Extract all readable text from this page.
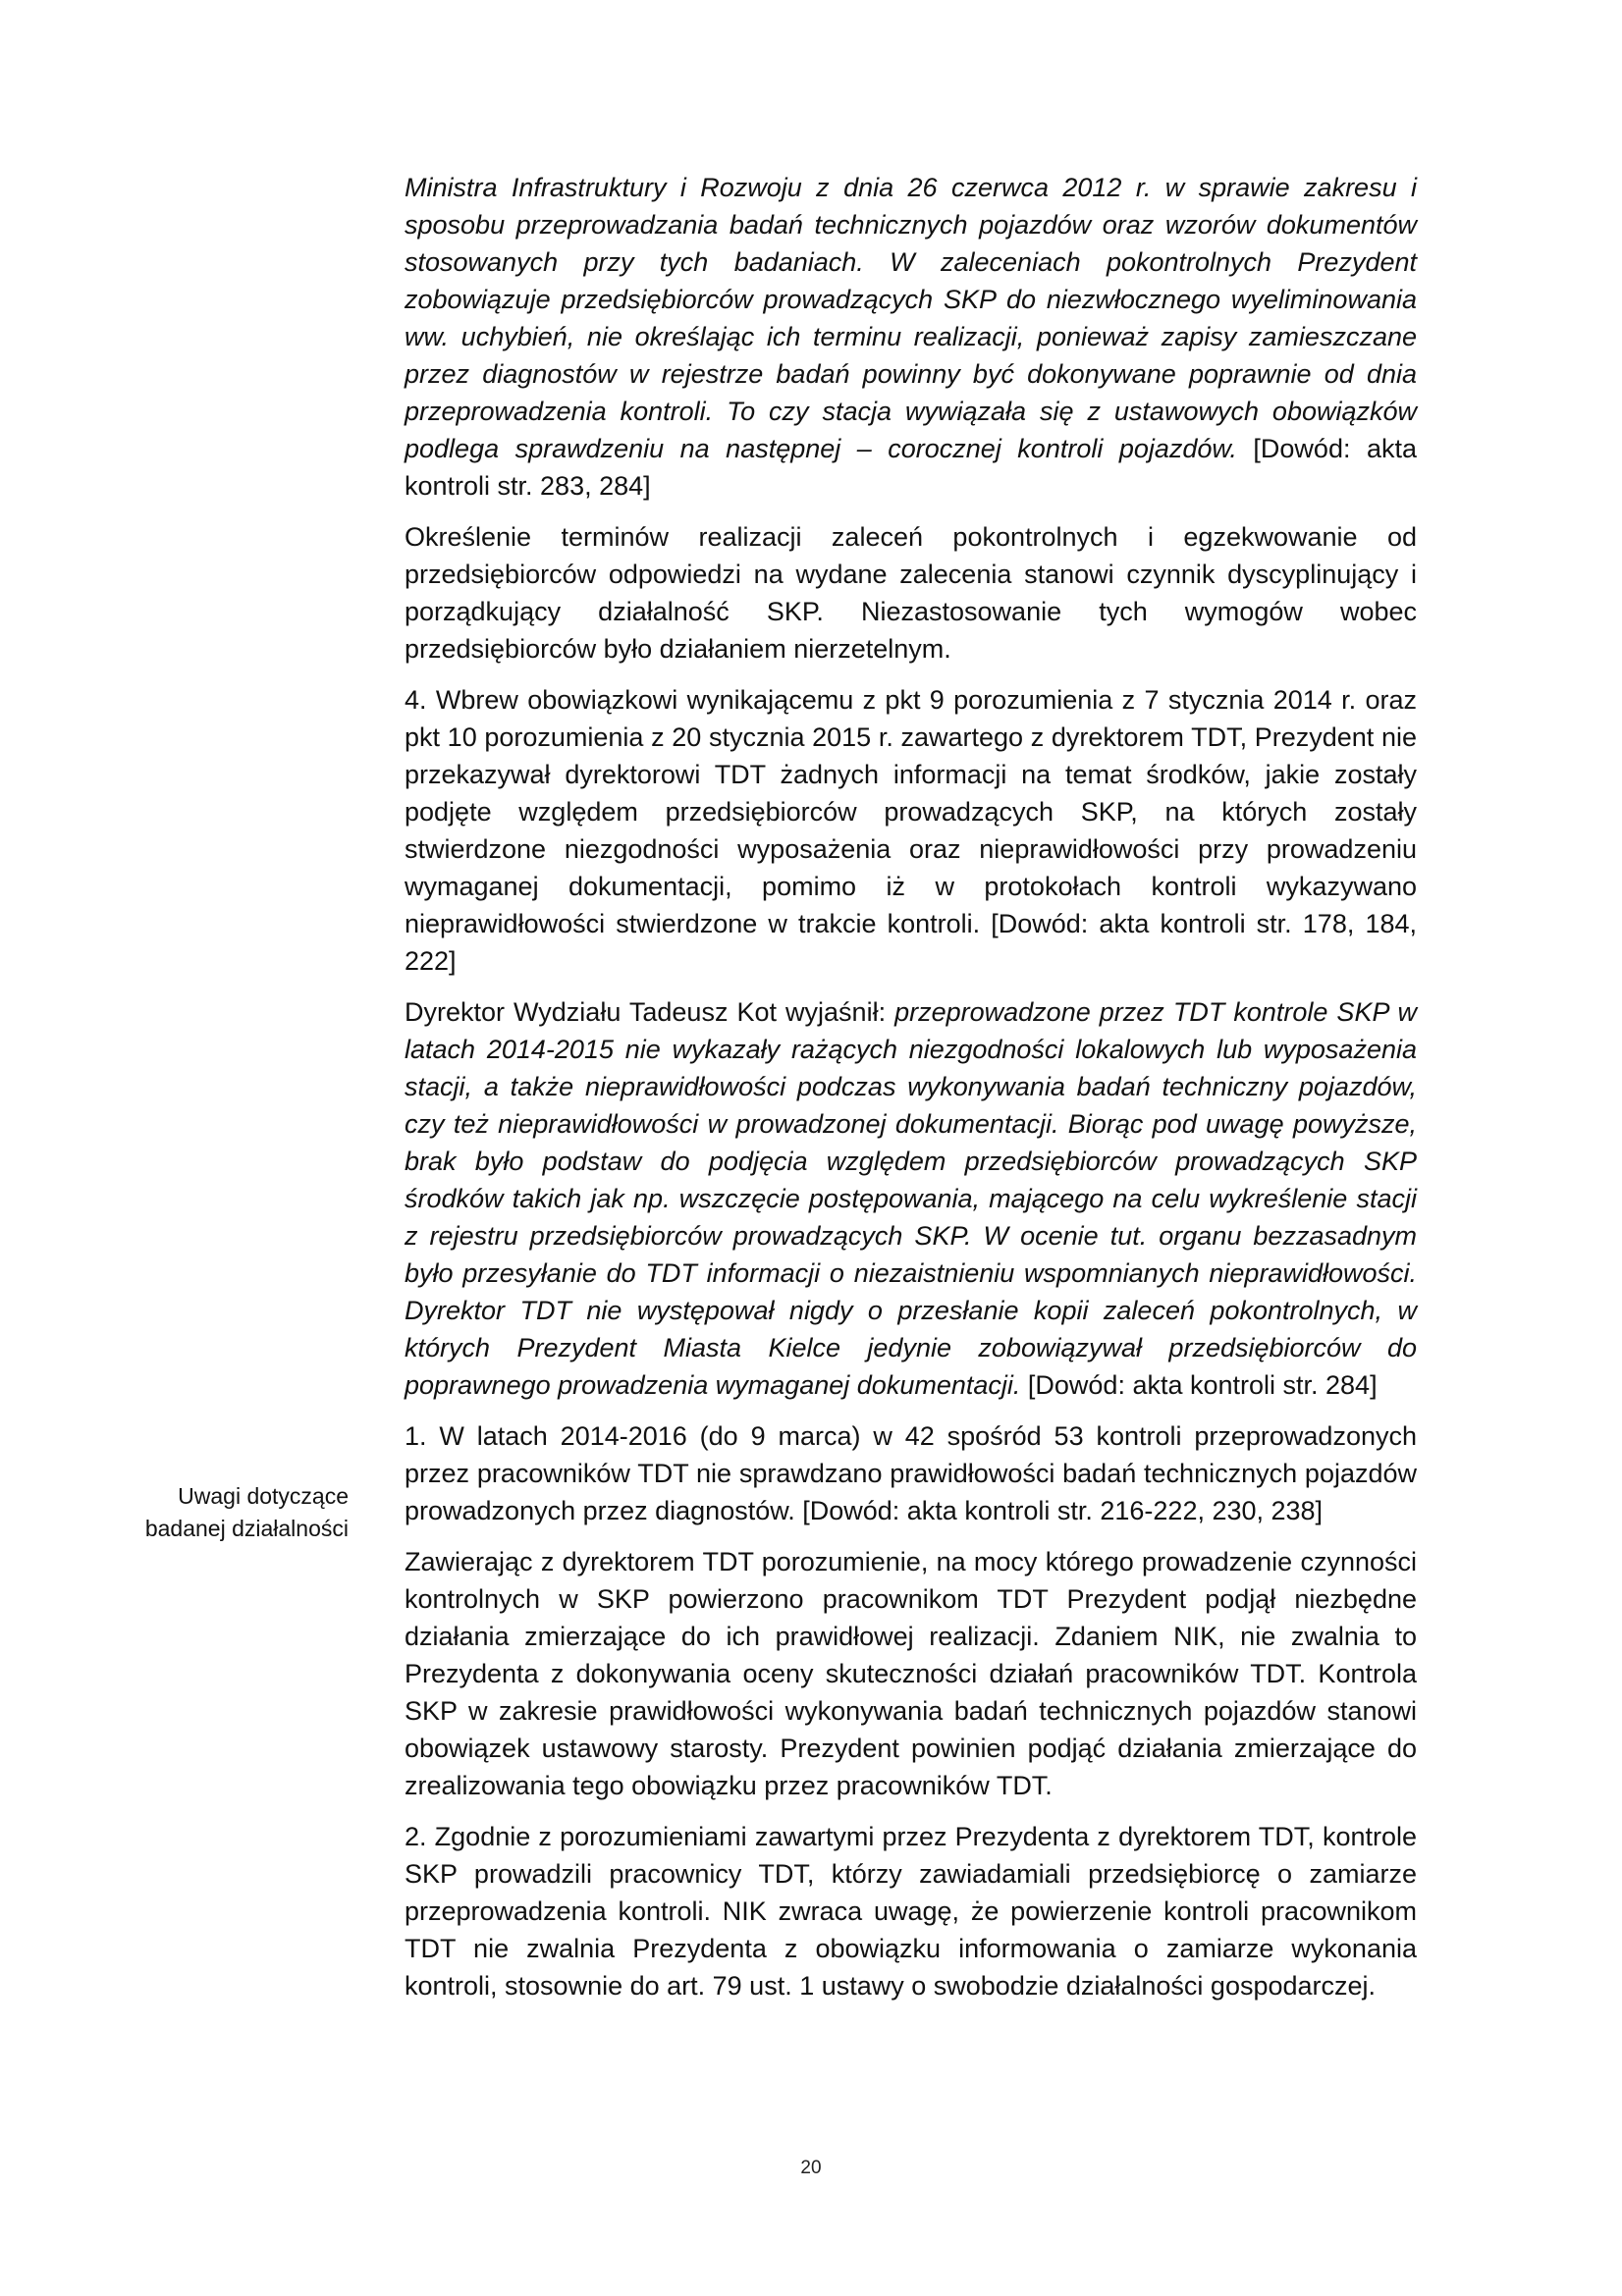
Ministra Infrastruktury i Rozwoju z dnia 26 czerwca 2012 r. w sprawie zakresu i sposobu przeprowadzania badań technicznych pojazdów oraz wzorów dokumentów stosowanych przy tych badaniach. W zaleceniach pokontrolnych Prezydent zobowiązuje przedsiębiorców prowadzących SKP do niezwłocznego wyeliminowania ww. uchybień, nie określając ich terminu realizacji, ponieważ zapisy zamieszczane przez diagnostów w rejestrze badań powinny być dokonywane poprawnie od dnia przeprowadzenia kontroli. To czy stacja wywiązała się z ustawowych obowiązków podlega sprawdzeniu na następnej – corocznej kontroli pojazdów. [Dowód: akta kontroli str. 283, 284]

Określenie terminów realizacji zaleceń pokontrolnych i egzekwowanie od przedsiębiorców odpowiedzi na wydane zalecenia stanowi czynnik dyscyplinujący i porządkujący działalność SKP. Niezastosowanie tych wymogów wobec przedsiębiorców było działaniem nierzetelnym.

4. Wbrew obowiązkowi wynikającemu z pkt 9 porozumienia z 7 stycznia 2014 r. oraz pkt 10 porozumienia z 20 stycznia 2015 r. zawartego z dyrektorem TDT, Prezydent nie przekazywał dyrektorowi TDT żadnych informacji na temat środków, jakie zostały podjęte względem przedsiębiorców prowadzących SKP, na których zostały stwierdzone niezgodności wyposażenia oraz nieprawidłowości przy prowadzeniu wymaganej dokumentacji, pomimo iż w protokołach kontroli wykazywano nieprawidłowości stwierdzone w trakcie kontroli. [Dowód: akta kontroli str. 178, 184, 222]

Dyrektor Wydziału Tadeusz Kot wyjaśnił: przeprowadzone przez TDT kontrole SKP w latach 2014-2015 nie wykazały rażących niezgodności lokalowych lub wyposażenia stacji, a także nieprawidłowości podczas wykonywania badań techniczny pojazdów, czy też nieprawidłowości w prowadzonej dokumentacji. Biorąc pod uwagę powyższe, brak było podstaw do podjęcia względem przedsiębiorców prowadzących SKP środków takich jak np. wszczęcie postępowania, mającego na celu wykreślenie stacji z rejestru przedsiębiorców prowadzących SKP. W ocenie tut. organu bezzasadnym było przesyłanie do TDT informacji o niezaistnieniu wspomnianych nieprawidłowości. Dyrektor TDT nie występował nigdy o przesłanie kopii zaleceń pokontrolnych, w których Prezydent Miasta Kielce jedynie zobowiązywał przedsiębiorców do poprawnego prowadzenia wymaganej dokumentacji. [Dowód: akta kontroli str. 284]

1. W latach 2014-2016 (do 9 marca) w 42 spośród 53 kontroli przeprowadzonych przez pracowników TDT nie sprawdzano prawidłowości badań technicznych pojazdów prowadzonych przez diagnostów. [Dowód: akta kontroli str. 216-222, 230, 238]

Zawierając z dyrektorem TDT porozumienie, na mocy którego prowadzenie czynności kontrolnych w SKP powierzono pracownikom TDT Prezydent podjął niezbędne działania zmierzające do ich prawidłowej realizacji. Zdaniem NIK, nie zwalnia to Prezydenta z dokonywania oceny skuteczności działań pracowników TDT. Kontrola SKP w zakresie prawidłowości wykonywania badań technicznych pojazdów stanowi obowiązek ustawowy starosty. Prezydent powinien podjąć działania zmierzające do zrealizowania tego obowiązku przez pracowników TDT.

2. Zgodnie z porozumieniami zawartymi przez Prezydenta z dyrektorem TDT, kontrole SKP prowadzili pracownicy TDT, którzy zawiadamiali przedsiębiorcę o zamiarze przeprowadzenia kontroli. NIK zwraca uwagę, że powierzenie kontroli pracownikom TDT nie zwalnia Prezydenta z obowiązku informowania o zamiarze wykonania kontroli, stosownie do art. 79 ust. 1 ustawy o swobodzie działalności gospodarczej.

Uwagi dotyczące
badanej działalności
20
